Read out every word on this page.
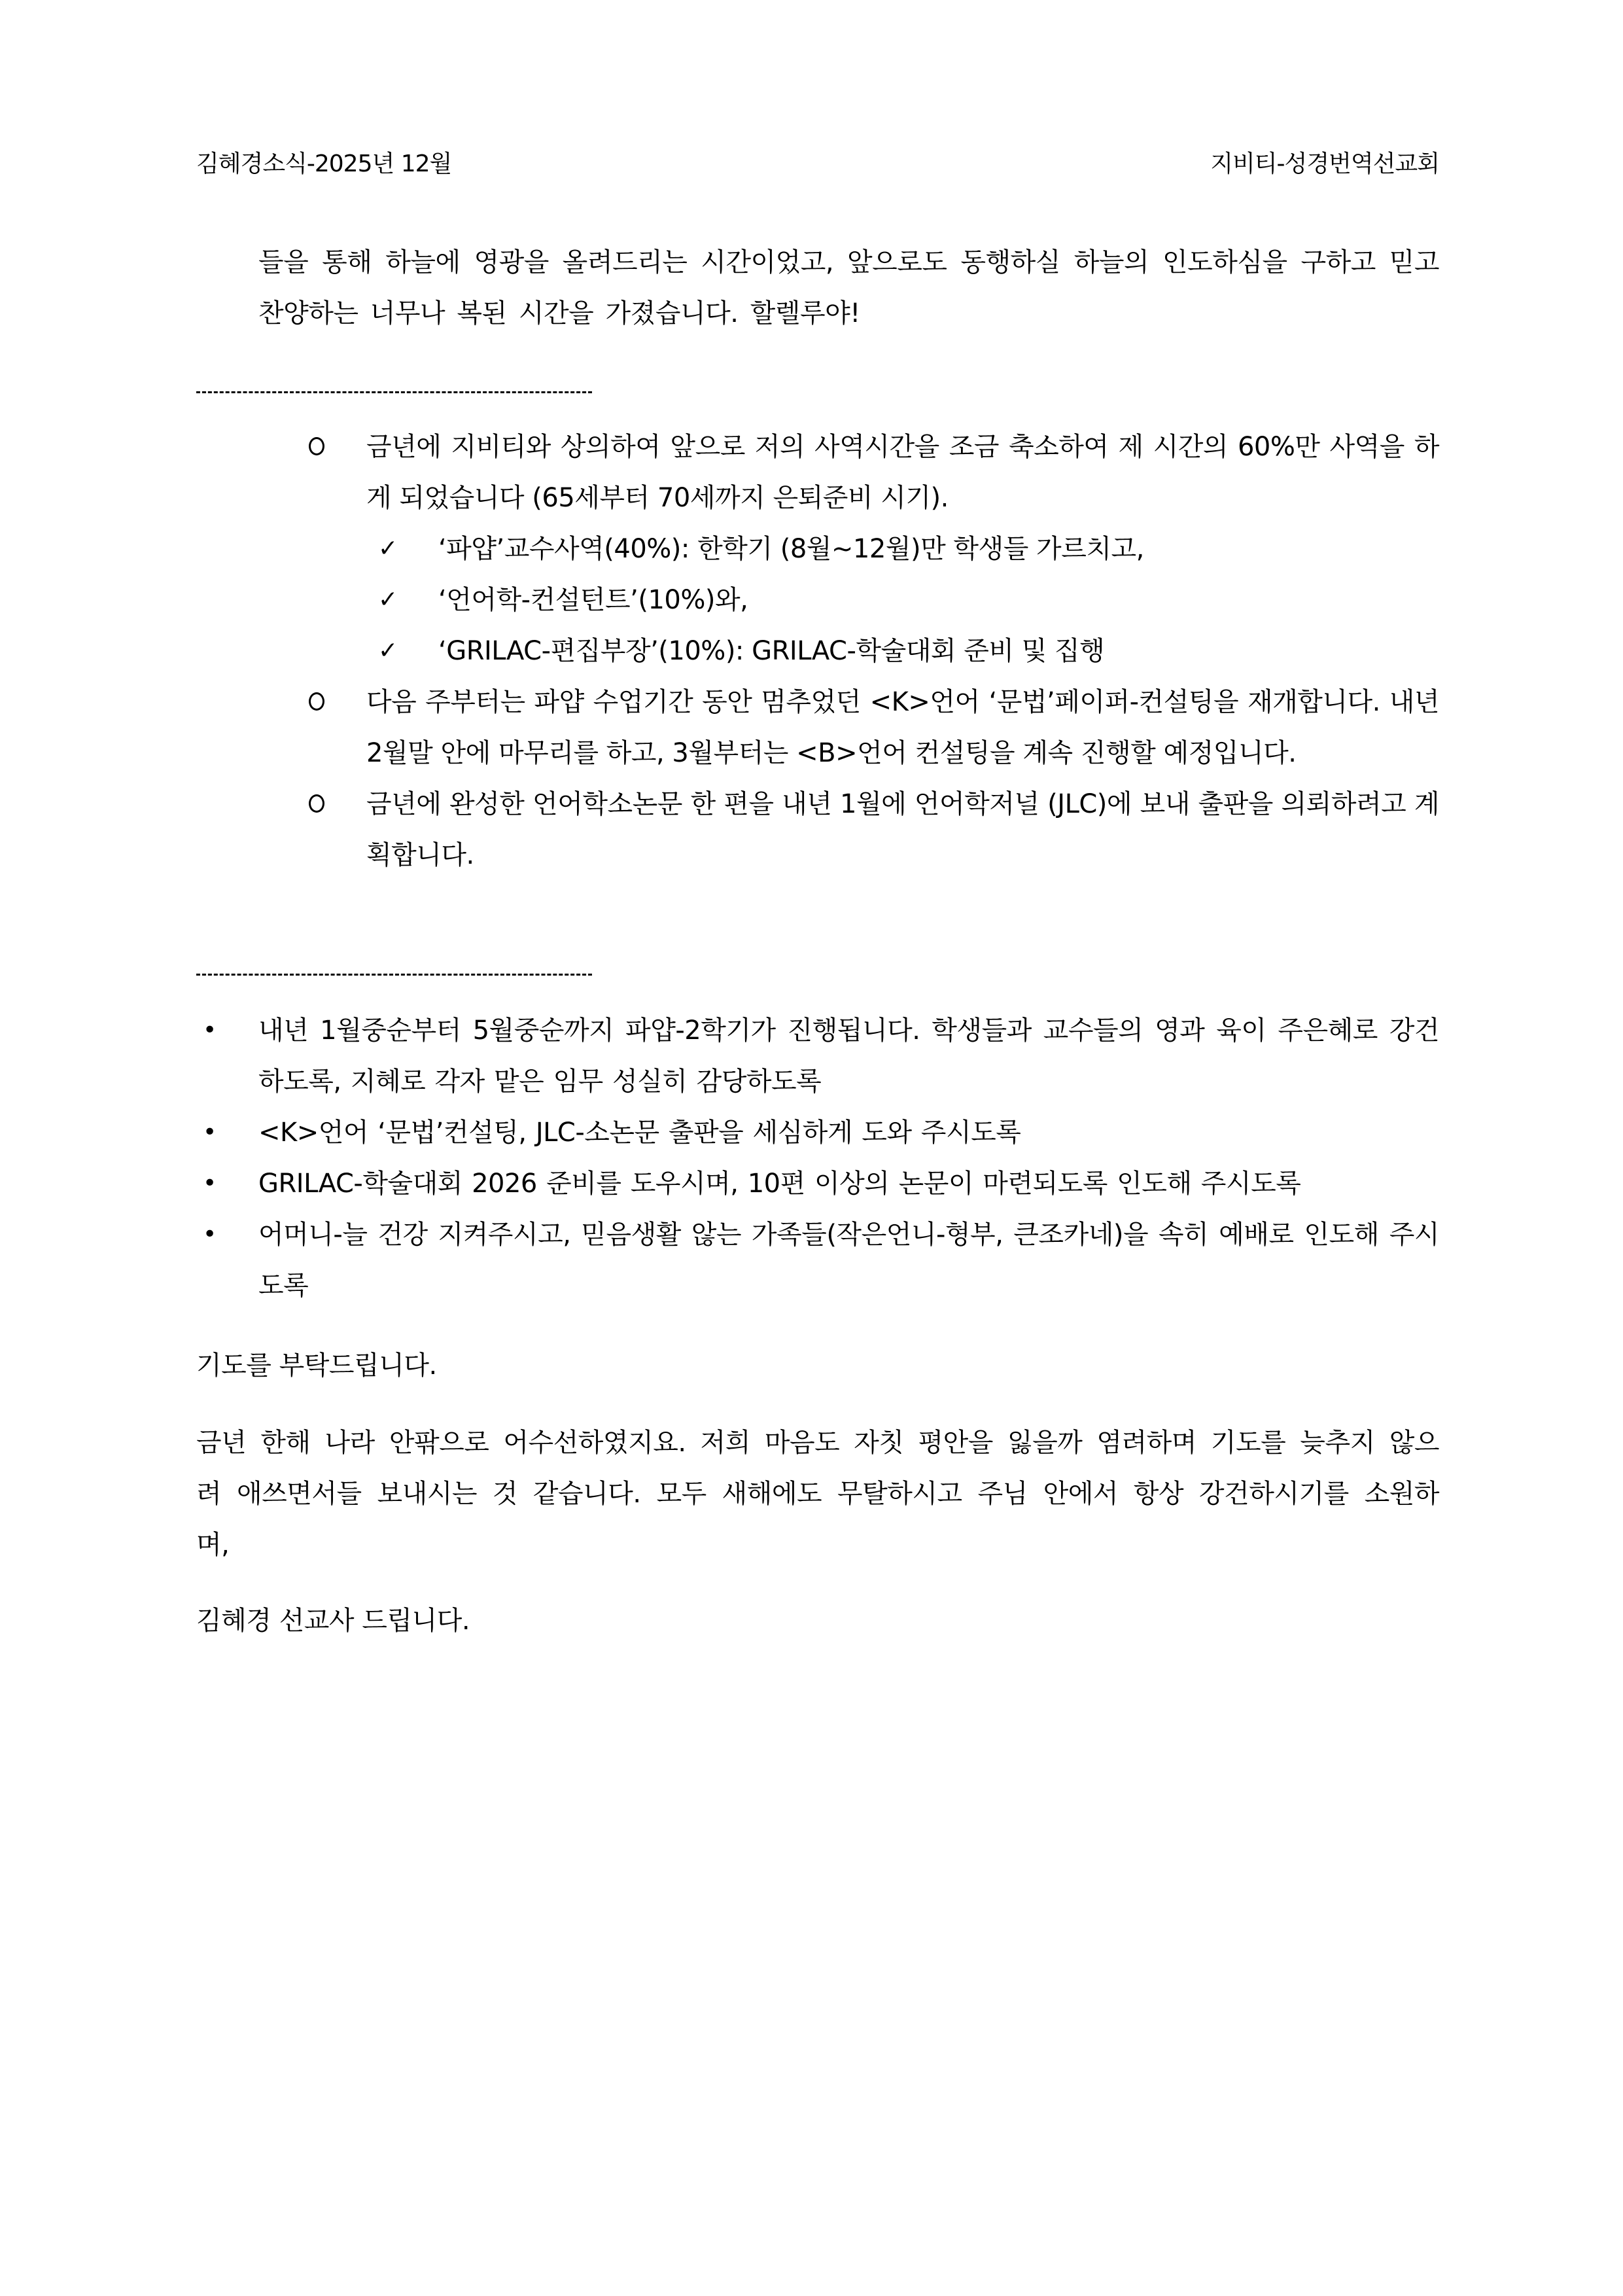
김혜경소식-2025년 12월	지비티-성경번역선교회

들을 통해 하늘에 영광을 올려드리는 시간이었고, 앞으로도 동행하실 하늘의 인도하심을 구하고 믿고 찬양하는 너무나 복된 시간을 가졌습니다. 할렐루야!

금년에 지비티와 상의하여 앞으로 저의 사역시간을 조금 축소하여 제 시간의 60%만 사역을 하게 되었습니다 (65세부터 70세까지 은퇴준비 시기).
✓ ‘파얍’교수사역(40%): 한학기 (8월~12월)만 학생들 가르치고,
✓ ‘언어학-컨설턴트’(10%)와,
✓ ‘GRILAC-편집부장’(10%): GRILAC-학술대회 준비 및 집행
다음 주부터는 파얍 수업기간 동안 멈추었던 <K>언어 ‘문법’페이퍼-컨설팅을 재개합니다. 내년 2월말 안에 마무리를 하고, 3월부터는 <B>언어 컨설팅을 계속 진행할 예정입니다.
금년에 완성한 언어학소논문 한 편을 내년 1월에 언어학저널 (JLC)에 보내 출판을 의뢰하려고 계획합니다.
• 내년 1월중순부터 5월중순까지 파얍-2학기가 진행됩니다. 학생들과 교수들의 영과 육이 주은혜로 강건하도록, 지혜로 각자 맡은 임무 성실히 감당하도록
• <K>언어 ‘문법’컨설팅, JLC-소논문 출판을 세심하게 도와 주시도록
• GRILAC-학술대회 2026 준비를 도우시며, 10편 이상의 논문이 마련되도록 인도해 주시도록
• 어머니-늘 건강 지켜주시고, 믿음생활 않는 가족들(작은언니-형부, 큰조카네)을 속히 예배로 인도해 주시도록

기도를 부탁드립니다.

금년 한해 나라 안팎으로 어수선하였지요. 저희 마음도 자칫 평안을 잃을까 염려하며 기도를 늦추지 않으려 애쓰면서들 보내시는 것 같습니다. 모두 새해에도 무탈하시고 주님 안에서 항상 강건하시기를 소원하며,

김혜경 선교사 드립니다.
